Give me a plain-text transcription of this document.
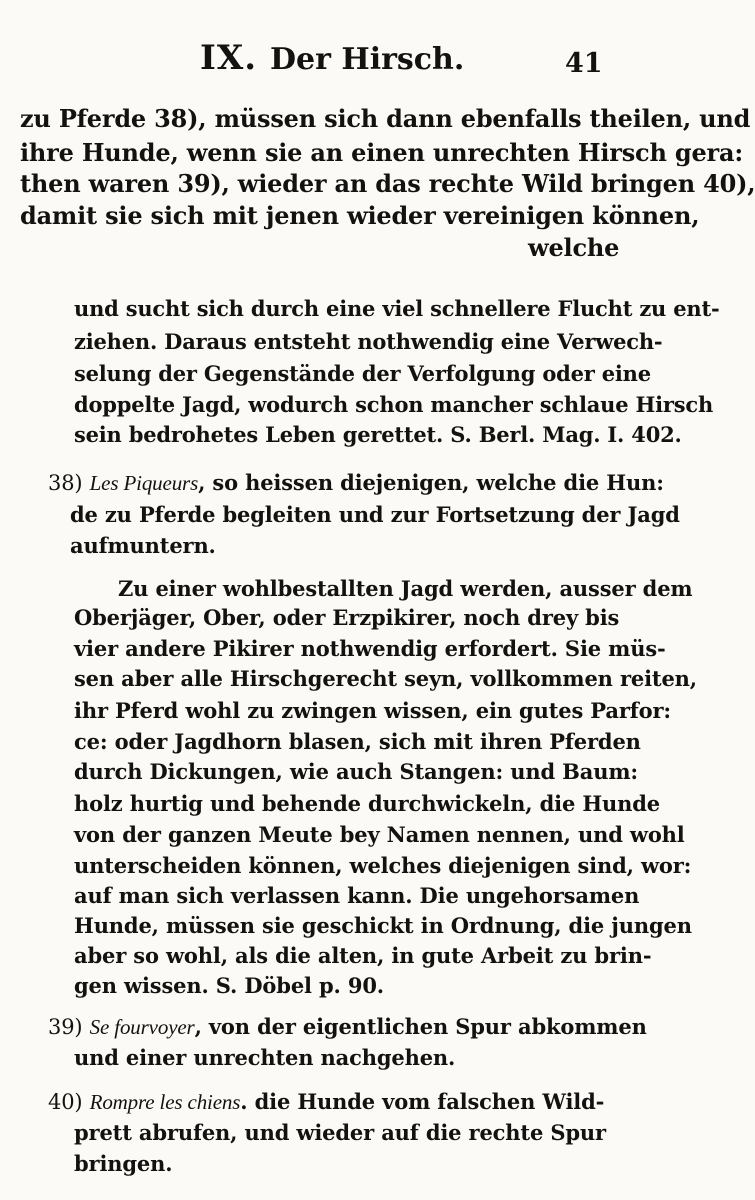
IX. Der Hirsch.	41
zu Pferde 38), müssen sich dann ebenfalls theilen, und
ihre Hunde, wenn sie an einen unrechten Hirsch gera:
then waren 39), wieder an das rechte Wild bringen 40),
damit sie sich mit jenen wieder vereinigen können,
welche
und sucht sich durch eine viel schnellere Flucht zu ent-
ziehen. Daraus entsteht nothwendig eine Verwech-
selung der Gegenstände der Verfolgung oder eine
doppelte Jagd, wodurch schon mancher schlaue Hirsch
sein bedrohetes Leben gerettet. S. Berl. Mag. I. 402.
38) Les Piqueurs, so heissen diejenigen, welche die Hun:
de zu Pferde begleiten und zur Fortsetzung der Jagd
aufmuntern.
Zu einer wohlbestallten Jagd werden, ausser dem
Oberjäger, Ober, oder Erzpikirer, noch drey bis
vier andere Pikirer nothwendig erfordert. Sie müs-
sen aber alle Hirschgerecht seyn, vollkommen reiten,
ihr Pferd wohl zu zwingen wissen, ein gutes Parfor:
ce: oder Jagdhorn blasen, sich mit ihren Pferden
durch Dickungen, wie auch Stangen: und Baum:
holz hurtig und behende durchwickeln, die Hunde
von der ganzen Meute bey Namen nennen, und wohl
unterscheiden können, welches diejenigen sind, wor:
auf man sich verlassen kann. Die ungehorsamen
Hunde, müssen sie geschickt in Ordnung, die jungen
aber so wohl, als die alten, in gute Arbeit zu brin-
gen wissen. S. Döbel p. 90.
39) Se fourvoyer, von der eigentlichen Spur abkommen
und einer unrechten nachgehen.
40) Rompre les chiens. die Hunde vom falschen Wild-
prett abrufen, und wieder auf die rechte Spur
bringen.
